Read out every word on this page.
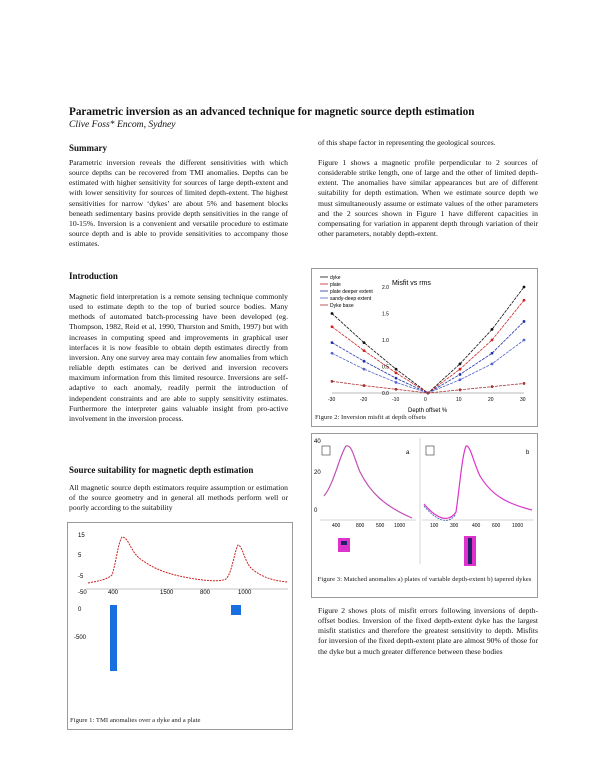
Parametric inversion as an advanced technique for magnetic source depth estimation
Clive Foss* Encom, Sydney
Summary

Parametric inversion reveals the different sensitivities with which source depths can be recovered from TMI anomalies. Depths can be estimated with higher sensitivity for sources of large depth-extent and with lower sensitivity for sources of limited depth-extent. The highest sensitivities for narrow ‘dykes’ are about 5% and basement blocks beneath sedimentary basins provide depth sensitivities in the range of 10-15%. Inversion is a convenient and versatile procedure to estimate source depth and is able to provide sensitivities to accompany those estimates.

Introduction

Magnetic field interpretation is a remote sensing technique commonly used to estimate depth to the top of buried source bodies. Many methods of automated batch-processing have been developed (eg. Thompson, 1982, Reid et al, 1990, Thurston and Smith, 1997) but with increases in computing speed and improvements in graphical user interfaces it is now feasible to obtain depth estimates directly from inversion. Any one survey area may contain few anomalies from which reliable depth estimates can be derived and inversion recovers maximum information from this limited resource. Inversions are self-adaptive to each anomaly, readily permit the introduction of independent constraints and are able to supply sensitivity estimates. Furthermore the interpreter gains valuable insight from pro-active involvement in the inversion process.

Source suitability for magnetic depth estimation

All magnetic source depth estimators require assumption or estimation of the source geometry and in general all methods perform well or poorly according to the suitability

15
5
-5
-50	400	1500	800	1000
0
-500
Figure 1: TMI anomalies over a dyke and a plate

of this shape factor in representing the geological sources.

Figure 1 shows a magnetic profile perpendicular to 2 sources of considerable strike length, one of large and the other of limited depth-extent. The anomalies have similar appearances but are of different suitability for depth estimation. When we estimate source depth we must simultaneously assume or estimate values of the other parameters and the 2 sources shown in Figure 1 have different capacities in compensating for variation in apparent depth through variation of their other parameters, notably depth-extent.

Misfit vs rms
dyke
plate
plate deeper extent
sandy-deep extent
Dyke base
2.0
1.5
1.0
0.5
0.0
-30	-20	-10	0	10	20	30
Depth offset %
Figure 2: Inversion misfit at depth offsets
40
20
0
a
400	800 500 1000
b
100 300	400 600 1000
Figure 3: Matched anomalies a) plates of variable depth-extent b) tapered dykes

Figure 2 shows plots of misfit errors following inversions of depth-offset bodies. Inversion of the fixed depth-extent dyke has the largest misfit statistics and therefore the greatest sensitivity to depth. Misfits for inversion of the fixed depth-extent plate are almost 90% of those for the dyke but a much greater difference between these bodies
